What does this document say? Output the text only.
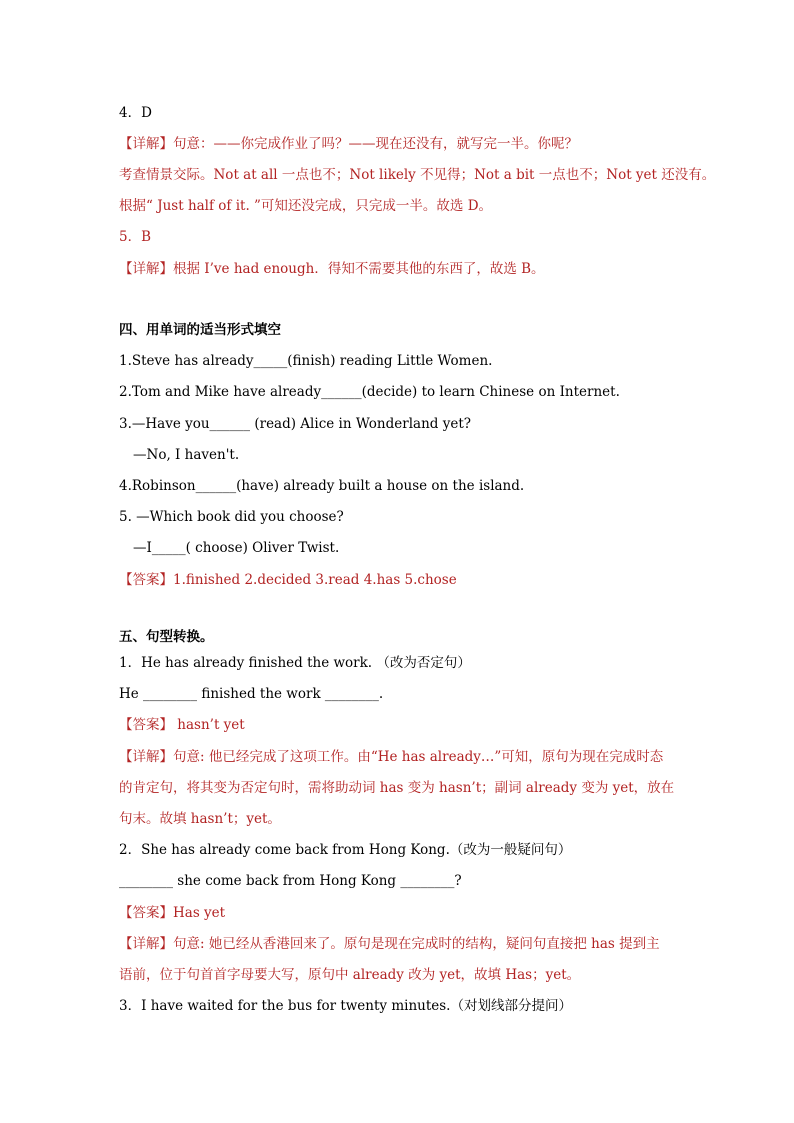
4．D
【详解】句意：——你完成作业了吗？——现在还没有，就写完一半。你呢？
考查情景交际。Not at all 一点也不；Not likely 不见得；Not a bit 一点也不；Not yet 还没有。
根据“ Just half of it. ”可知还没完成，只完成一半。故选 D。
5．B
【详解】根据 I’ve had enough．得知不需要其他的东西了，故选 B。
四、用单词的适当形式填空
1.Steve has already_____(finish) reading Little Women.
2.Tom and Mike have already______(decide) to learn Chinese on Internet.
3.—Have you______ (read) Alice in Wonderland yet?
—No, I haven't.
4.Robinson______(have) already built a house on the island.
5. —Which book did you choose?
—I_____( choose) Oliver Twist.
【答案】1.finished 2.decided 3.read 4.has 5.chose
五、句型转换。
1．He has already finished the work. （改为否定句）
He ________ finished the work ________.
【答案】 hasn’t yet
【详解】句意: 他已经完成了这项工作。由“He has already…”可知，原句为现在完成时态
的肯定句，将其变为否定句时，需将助动词 has 变为 hasn’t；副词 already 变为 yet，放在
句末。故填 hasn’t；yet。
2．She has already come back from Hong Kong.（改为一般疑问句）
________ she come back from Hong Kong ________?
【答案】Has yet
【详解】句意: 她已经从香港回来了。原句是现在完成时的结构，疑问句直接把 has 提到主
语前，位于句首首字母要大写，原句中 already 改为 yet，故填 Has；yet。
3．I have waited for the bus for twenty minutes.（对划线部分提问）
